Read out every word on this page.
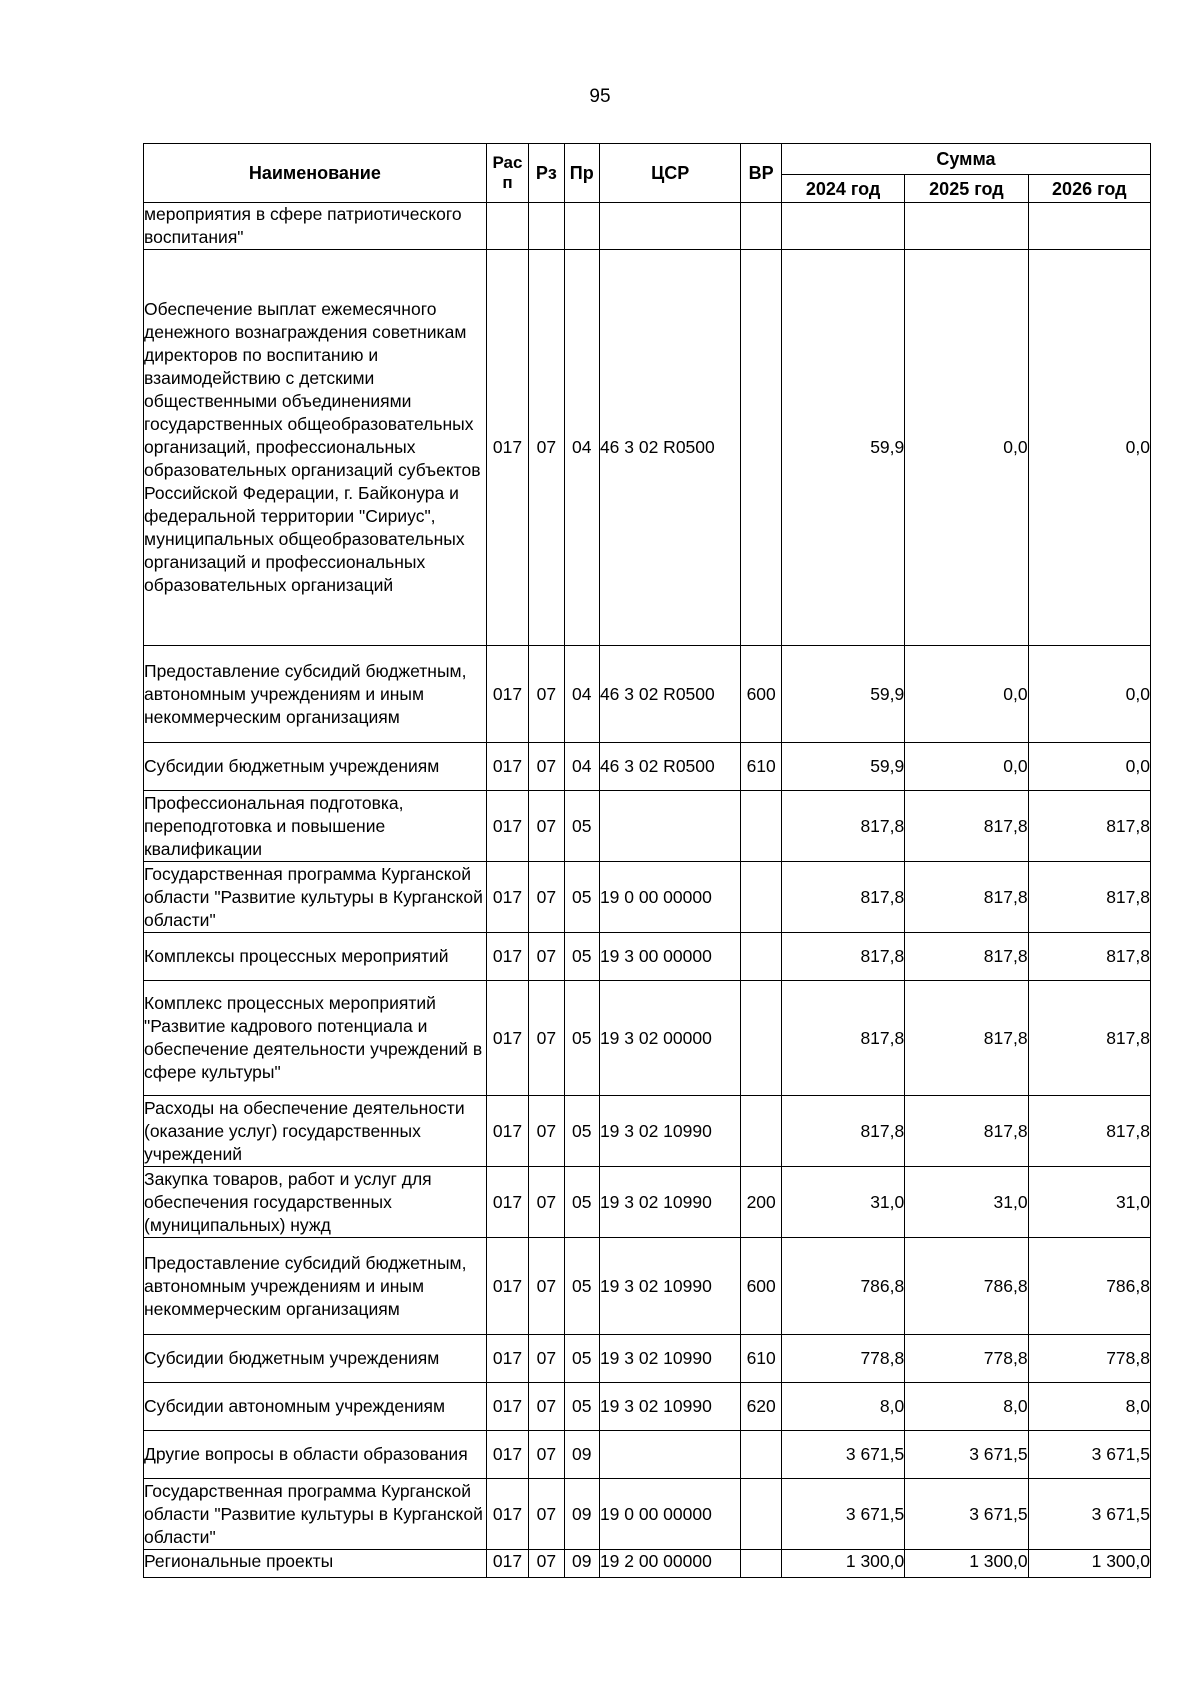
95
Наименование	Рас п	Рз	Пр	ЦСР	ВР	Сумма		
						2024 год	2025 год	2026 год
мероприятия в сфере патриотического воспитания"								
Обеспечение выплат ежемесячного денежного вознаграждения советникам директоров по воспитанию и взаимодействию с детскими общественными объединениями государственных общеобразовательных организаций, профессиональных образовательных организаций субъектов Российской Федерации, г. Байконура и федеральной территории "Сириус", муниципальных общеобразовательных организаций и профессиональных образовательных организаций	017	07	04	46 3 02 R0500		59,9	0,0	0,0
Предоставление субсидий бюджетным, автономным учреждениям и иным некоммерческим организациям	017	07	04	46 3 02 R0500	600	59,9	0,0	0,0
Субсидии бюджетным учреждениям	017	07	04	46 3 02 R0500	610	59,9	0,0	0,0
Профессиональная подготовка, переподготовка и повышение квалификации	017	07	05			817,8	817,8	817,8
Государственная программа Курганской области "Развитие культуры в Курганской области"	017	07	05	19 0 00 00000		817,8	817,8	817,8
Комплексы процессных мероприятий	017	07	05	19 3 00 00000		817,8	817,8	817,8
Комплекс процессных мероприятий "Развитие кадрового потенциала и обеспечение деятельности учреждений в сфере культуры"	017	07	05	19 3 02 00000		817,8	817,8	817,8
Расходы на обеспечение деятельности (оказание услуг) государственных учреждений	017	07	05	19 3 02 10990		817,8	817,8	817,8
Закупка товаров, работ и услуг для обеспечения государственных (муниципальных) нужд	017	07	05	19 3 02 10990	200	31,0	31,0	31,0
Предоставление субсидий бюджетным, автономным учреждениям и иным некоммерческим организациям	017	07	05	19 3 02 10990	600	786,8	786,8	786,8
Субсидии бюджетным учреждениям	017	07	05	19 3 02 10990	610	778,8	778,8	778,8
Субсидии автономным учреждениям	017	07	05	19 3 02 10990	620	8,0	8,0	8,0
Другие вопросы в области образования	017	07	09			3 671,5	3 671,5	3 671,5
Государственная программа Курганской области "Развитие культуры в Курганской области"	017	07	09	19 0 00 00000		3 671,5	3 671,5	3 671,5
Региональные проекты	017	07	09	19 2 00 00000		1 300,0	1 300,0	1 300,0
